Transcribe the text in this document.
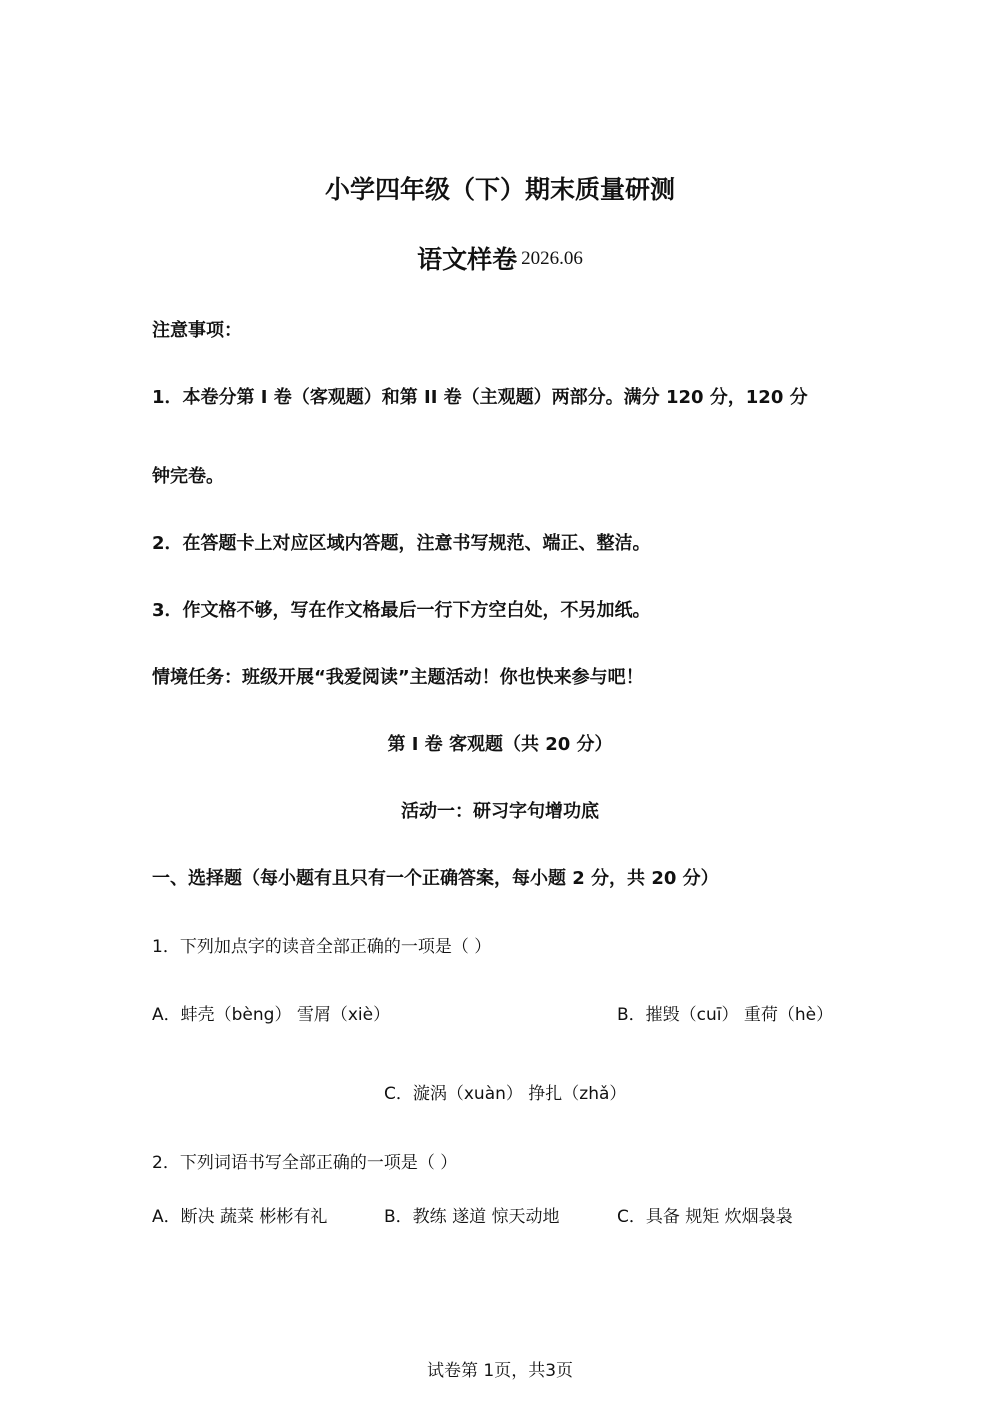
小学四年级（下）期末质量研测
语文样卷 2026.06
注意事项：
1．本卷分第 I 卷（客观题）和第 II 卷（主观题）两部分。满分 120 分，120 分
钟完卷。
2．在答题卡上对应区域内答题，注意书写规范、端正、整洁。
3．作文格不够，写在作文格最后一行下方空白处，不另加纸。
情境任务：班级开展“我爱阅读”主题活动！你也快来参与吧！
第 I 卷 客观题（共 20 分）
活动一：研习字句增功底
一、选择题（每小题有且只有一个正确答案，每小题 2 分，共 20 分）
1．下列加点字的读音全部正确的一项是（ ）
A．蚌壳（bèng） 雪屑（xiè）	B．摧毁（cuī） 重荷（hè）
C．漩涡（xuàn） 挣扎（zhǎ）
2．下列词语书写全部正确的一项是（ ）
A．断决 蔬菜 彬彬有礼	B．教练 遂道 惊天动地	C．具备 规矩 炊烟袅袅
试卷第 1页，共3页
